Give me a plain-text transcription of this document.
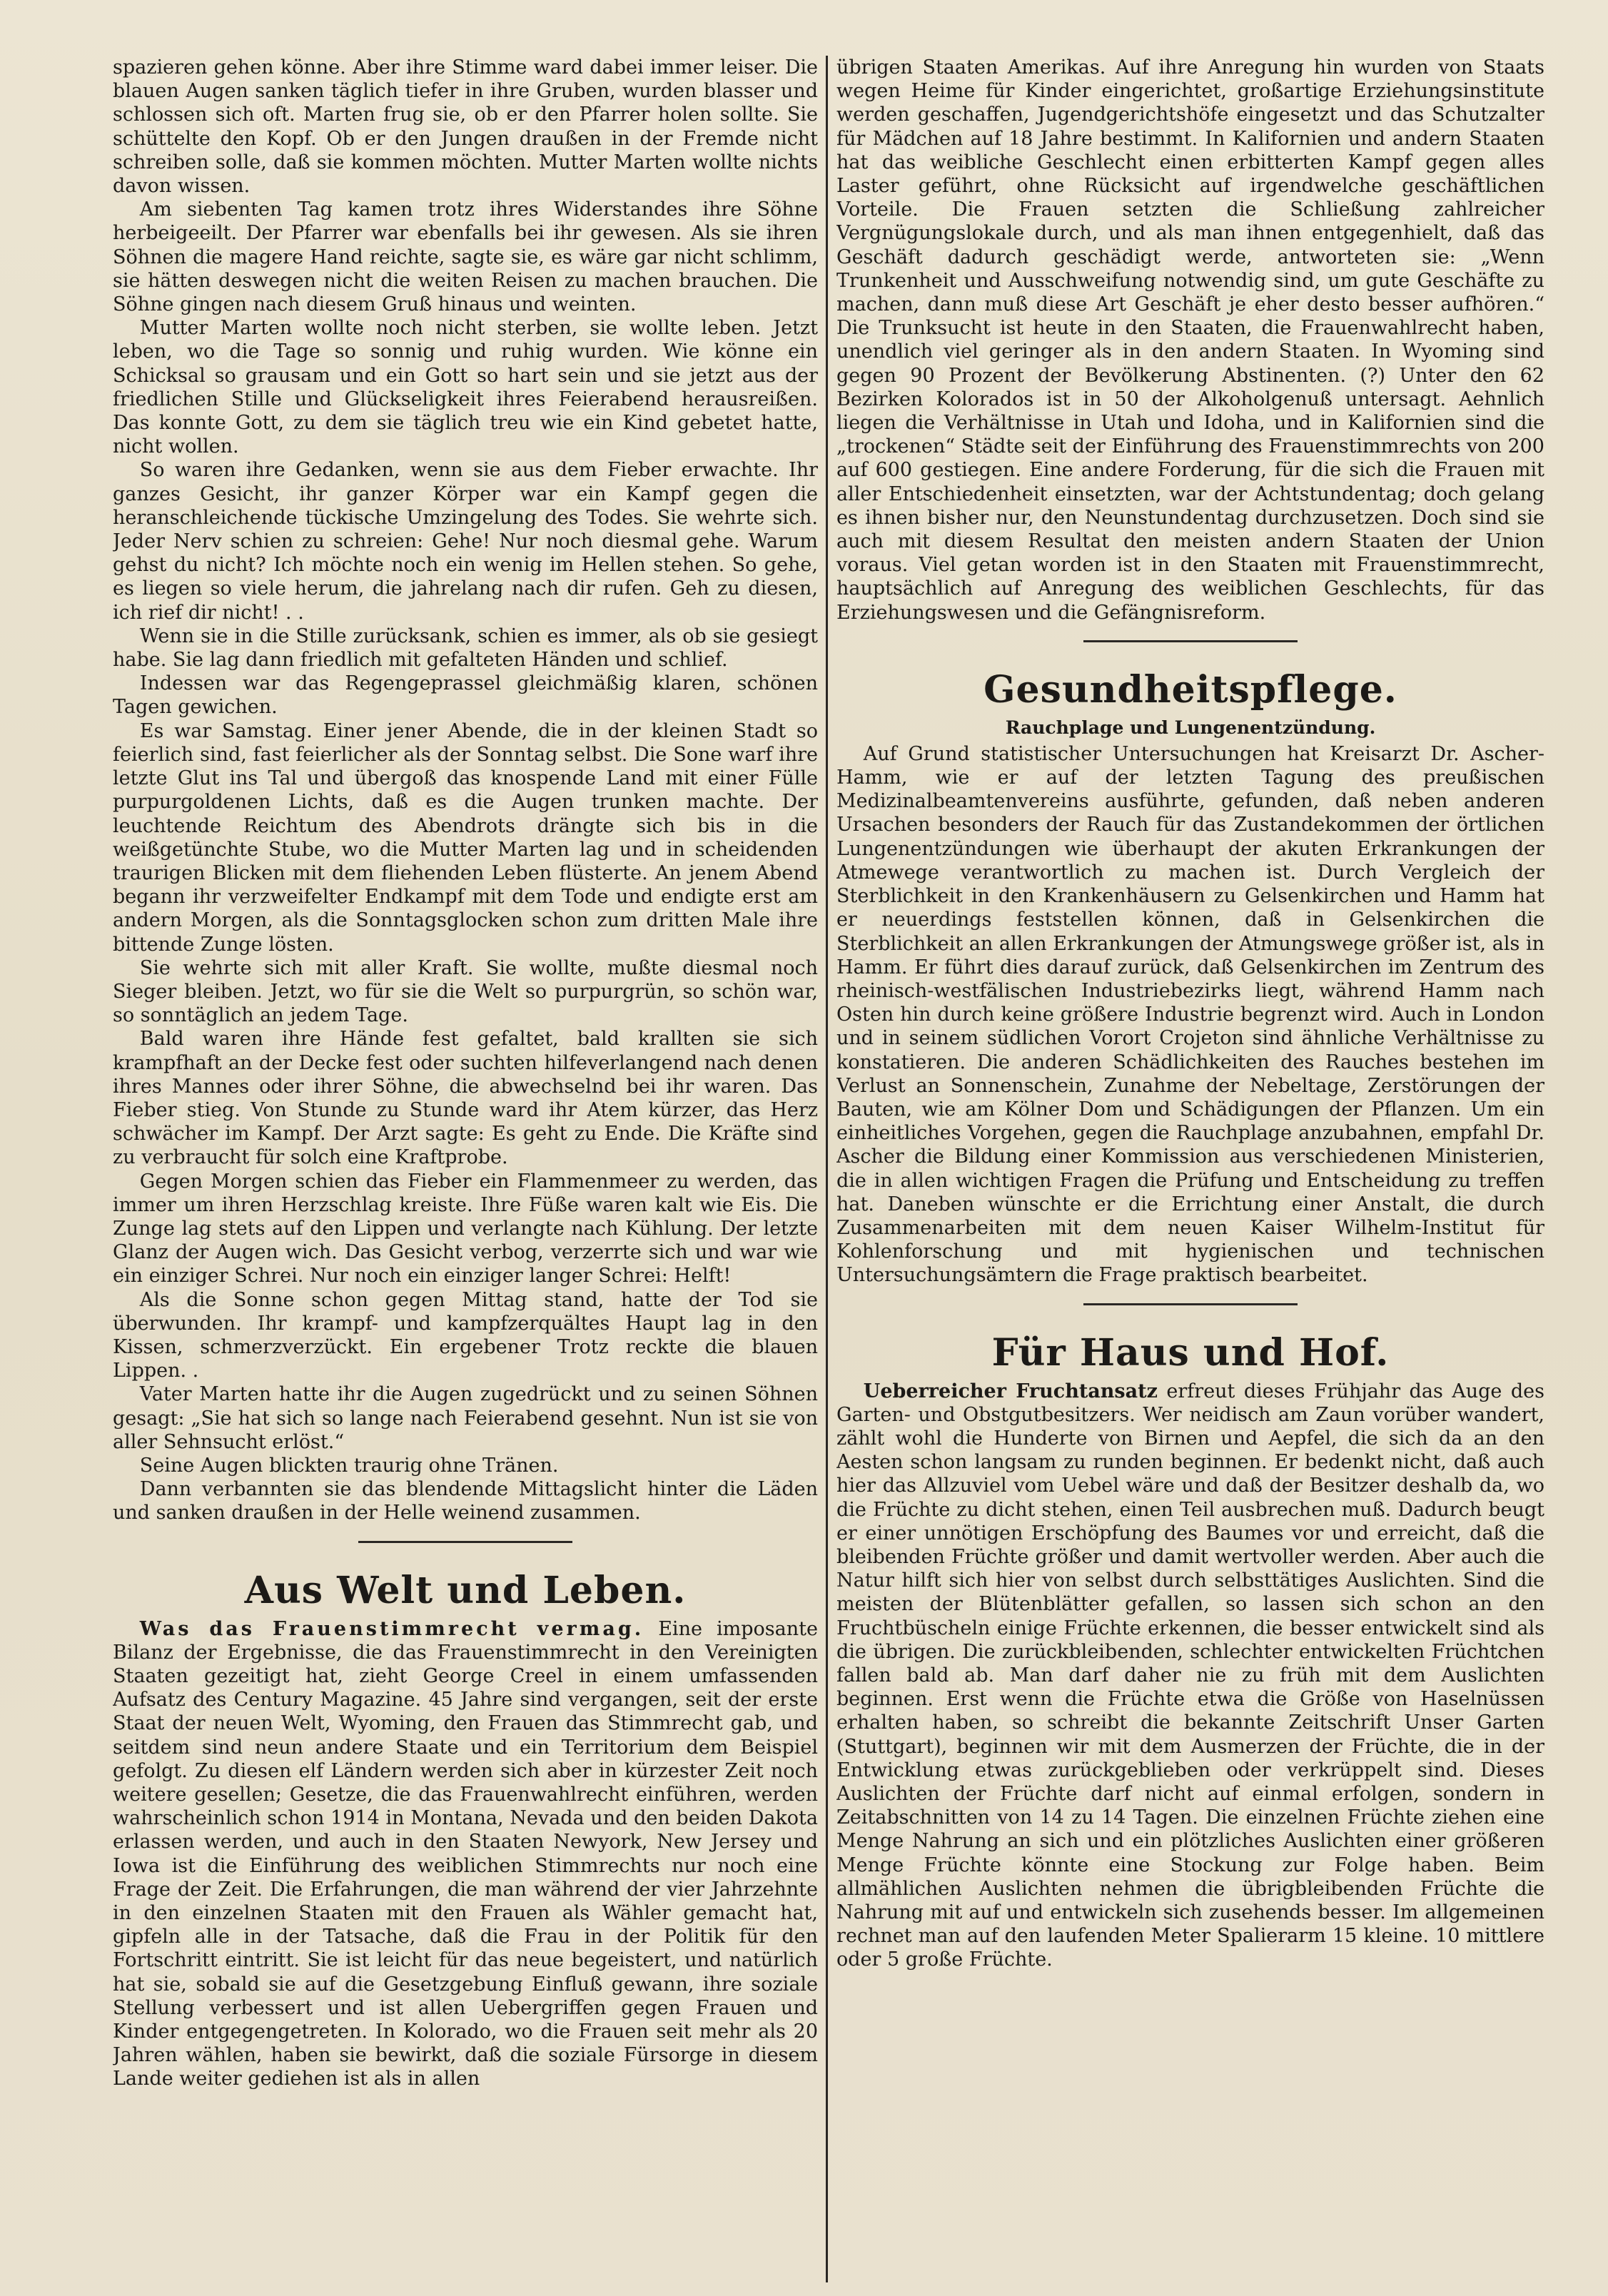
spazieren gehen könne. Aber ihre Stimme ward dabei immer leiser. Die blauen Augen sanken täglich tiefer in ihre Gruben, wurden blasser und schlossen sich oft. Marten frug sie, ob er den Pfarrer holen sollte. Sie schüttelte den Kopf. Ob er den Jungen draußen in der Fremde nicht schreiben solle, daß sie kommen möchten. Mutter Marten wollte nichts davon wissen.

Am siebenten Tag kamen trotz ihres Widerstandes ihre Söhne herbeigeeilt. Der Pfarrer war ebenfalls bei ihr gewesen. Als sie ihren Söhnen die magere Hand reichte, sagte sie, es wäre gar nicht schlimm, sie hätten deswegen nicht die weiten Reisen zu machen brauchen. Die Söhne gingen nach diesem Gruß hinaus und weinten.

Mutter Marten wollte noch nicht sterben, sie wollte leben. Jetzt leben, wo die Tage so sonnig und ruhig wurden. Wie könne ein Schicksal so grausam und ein Gott so hart sein und sie jetzt aus der friedlichen Stille und Glückseligkeit ihres Feierabend herausreißen. Das konnte Gott, zu dem sie täglich treu wie ein Kind gebetet hatte, nicht wollen.

So waren ihre Gedanken, wenn sie aus dem Fieber erwachte. Ihr ganzes Gesicht, ihr ganzer Körper war ein Kampf gegen die heranschleichende tückische Umzingelung des Todes. Sie wehrte sich. Jeder Nerv schien zu schreien: Gehe! Nur noch diesmal gehe. Warum gehst du nicht? Ich möchte noch ein wenig im Hellen stehen. So gehe, es liegen so viele herum, die jahrelang nach dir rufen. Geh zu diesen, ich rief dir nicht! . .

Wenn sie in die Stille zurücksank, schien es immer, als ob sie gesiegt habe. Sie lag dann friedlich mit gefalteten Händen und schlief.

Indessen war das Regengeprassel gleichmäßig klaren, schönen Tagen gewichen.

Es war Samstag. Einer jener Abende, die in der kleinen Stadt so feierlich sind, fast feierlicher als der Sonntag selbst. Die Sone warf ihre letzte Glut ins Tal und übergoß das knospende Land mit einer Fülle purpurgoldenen Lichts, daß es die Augen trunken machte. Der leuchtende Reichtum des Abendrots drängte sich bis in die weißgetünchte Stube, wo die Mutter Marten lag und in scheidenden traurigen Blicken mit dem fliehenden Leben flüsterte. An jenem Abend begann ihr verzweifelter Endkampf mit dem Tode und endigte erst am andern Morgen, als die Sonntagsglocken schon zum dritten Male ihre bittende Zunge lösten.

Sie wehrte sich mit aller Kraft. Sie wollte, mußte diesmal noch Sieger bleiben. Jetzt, wo für sie die Welt so purpurgrün, so schön war, so sonntäglich an jedem Tage.

Bald waren ihre Hände fest gefaltet, bald krallten sie sich krampfhaft an der Decke fest oder suchten hilfeverlangend nach denen ihres Mannes oder ihrer Söhne, die abwechselnd bei ihr waren. Das Fieber stieg. Von Stunde zu Stunde ward ihr Atem kürzer, das Herz schwächer im Kampf. Der Arzt sagte: Es geht zu Ende. Die Kräfte sind zu verbraucht für solch eine Kraftprobe.

Gegen Morgen schien das Fieber ein Flammenmeer zu werden, das immer um ihren Herzschlag kreiste. Ihre Füße waren kalt wie Eis. Die Zunge lag stets auf den Lippen und verlangte nach Kühlung. Der letzte Glanz der Augen wich. Das Gesicht verbog, verzerrte sich und war wie ein einziger Schrei. Nur noch ein einziger langer Schrei: Helft!

Als die Sonne schon gegen Mittag stand, hatte der Tod sie überwunden. Ihr krampf- und kampfzerquältes Haupt lag in den Kissen, schmerzverzückt. Ein ergebener Trotz reckte die blauen Lippen. .

Vater Marten hatte ihr die Augen zugedrückt und zu seinen Söhnen gesagt: „Sie hat sich so lange nach Feierabend gesehnt. Nun ist sie von aller Sehnsucht erlöst.“

Seine Augen blickten traurig ohne Tränen.

Dann verbannten sie das blendende Mittagslicht hinter die Läden und sanken draußen in der Helle weinend zusammen.

Aus Welt und Leben.

Was das Frauenstimmrecht vermag. Eine imposante Bilanz der Ergebnisse, die das Frauenstimmrecht in den Vereinigten Staaten gezeitigt hat, zieht George Creel in einem umfassenden Aufsatz des Century Magazine. 45 Jahre sind vergangen, seit der erste Staat der neuen Welt, Wyoming, den Frauen das Stimmrecht gab, und seitdem sind neun andere Staate und ein Territorium dem Beispiel gefolgt. Zu diesen elf Ländern werden sich aber in kürzester Zeit noch weitere gesellen; Gesetze, die das Frauenwahlrecht einführen, werden wahrscheinlich schon 1914 in Montana, Nevada und den beiden Dakota erlassen werden, und auch in den Staaten Newyork, New Jersey und Iowa ist die Einführung des weiblichen Stimmrechts nur noch eine Frage der Zeit. Die Erfahrungen, die man während der vier Jahrzehnte in den einzelnen Staaten mit den Frauen als Wähler gemacht hat, gipfeln alle in der Tatsache, daß die Frau in der Politik für den Fortschritt eintritt. Sie ist leicht für das neue begeistert, und natürlich hat sie, sobald sie auf die Gesetzgebung Einfluß gewann, ihre soziale Stellung verbessert und ist allen Uebergriffen gegen Frauen und Kinder entgegengetreten. In Kolorado, wo die Frauen seit mehr als 20 Jahren wählen, haben sie bewirkt, daß die soziale Fürsorge in diesem Lande weiter gediehen ist als in allen

übrigen Staaten Amerikas. Auf ihre Anregung hin wurden von Staats wegen Heime für Kinder eingerichtet, großartige Erziehungsinstitute werden geschaffen, Jugendgerichtshöfe eingesetzt und das Schutzalter für Mädchen auf 18 Jahre bestimmt. In Kalifornien und andern Staaten hat das weibliche Geschlecht einen erbitterten Kampf gegen alles Laster geführt, ohne Rücksicht auf irgendwelche geschäftlichen Vorteile. Die Frauen setzten die Schließung zahlreicher Vergnügungslokale durch, und als man ihnen entgegenhielt, daß das Geschäft dadurch geschädigt werde, antworteten sie: „Wenn Trunkenheit und Ausschweifung notwendig sind, um gute Geschäfte zu machen, dann muß diese Art Geschäft je eher desto besser aufhören.“ Die Trunksucht ist heute in den Staaten, die Frauenwahlrecht haben, unendlich viel geringer als in den andern Staaten. In Wyoming sind gegen 90 Prozent der Bevölkerung Abstinenten. (?) Unter den 62 Bezirken Kolorados ist in 50 der Alkoholgenuß untersagt. Aehnlich liegen die Verhältnisse in Utah und Idoha, und in Kalifornien sind die „trockenen“ Städte seit der Einführung des Frauenstimmrechts von 200 auf 600 gestiegen. Eine andere Forderung, für die sich die Frauen mit aller Entschiedenheit einsetzten, war der Achtstundentag; doch gelang es ihnen bisher nur, den Neunstundentag durchzusetzen. Doch sind sie auch mit diesem Resultat den meisten andern Staaten der Union voraus. Viel getan worden ist in den Staaten mit Frauenstimmrecht, hauptsächlich auf Anregung des weiblichen Geschlechts, für das Erziehungswesen und die Gefängnisreform.

Gesundheitspflege.
Rauchplage und Lungenentzündung.

Auf Grund statistischer Untersuchungen hat Kreisarzt Dr. Ascher-Hamm, wie er auf der letzten Tagung des preußischen Medizinalbeamtenvereins ausführte, gefunden, daß neben anderen Ursachen besonders der Rauch für das Zustandekommen der örtlichen Lungenentzündungen wie überhaupt der akuten Erkrankungen der Atmewege verantwortlich zu machen ist. Durch Vergleich der Sterblichkeit in den Krankenhäusern zu Gelsenkirchen und Hamm hat er neuerdings feststellen können, daß in Gelsenkirchen die Sterblichkeit an allen Erkrankungen der Atmungswege größer ist, als in Hamm. Er führt dies darauf zurück, daß Gelsenkirchen im Zentrum des rheinisch-westfälischen Industriebezirks liegt, während Hamm nach Osten hin durch keine größere Industrie begrenzt wird. Auch in London und in seinem südlichen Vorort Crojeton sind ähnliche Verhältnisse zu konstatieren. Die anderen Schädlichkeiten des Rauches bestehen im Verlust an Sonnenschein, Zunahme der Nebeltage, Zerstörungen der Bauten, wie am Kölner Dom und Schädigungen der Pflanzen. Um ein einheitliches Vorgehen, gegen die Rauchplage anzubahnen, empfahl Dr. Ascher die Bildung einer Kommission aus verschiedenen Ministerien, die in allen wichtigen Fragen die Prüfung und Entscheidung zu treffen hat. Daneben wünschte er die Errichtung einer Anstalt, die durch Zusammenarbeiten mit dem neuen Kaiser Wilhelm-Institut für Kohlenforschung und mit hygienischen und technischen Untersuchungsämtern die Frage praktisch bearbeitet.

Für Haus und Hof.

Ueberreicher Fruchtansatz erfreut dieses Frühjahr das Auge des Garten- und Obstgutbesitzers. Wer neidisch am Zaun vorüber wandert, zählt wohl die Hunderte von Birnen und Aepfel, die sich da an den Aesten schon langsam zu runden beginnen. Er bedenkt nicht, daß auch hier das Allzuviel vom Uebel wäre und daß der Besitzer deshalb da, wo die Früchte zu dicht stehen, einen Teil ausbrechen muß. Dadurch beugt er einer unnötigen Erschöpfung des Baumes vor und erreicht, daß die bleibenden Früchte größer und damit wertvoller werden. Aber auch die Natur hilft sich hier von selbst durch selbsttätiges Auslichten. Sind die meisten der Blütenblätter gefallen, so lassen sich schon an den Fruchtbüscheln einige Früchte erkennen, die besser entwickelt sind als die übrigen. Die zurückbleibenden, schlechter entwickelten Früchtchen fallen bald ab. Man darf daher nie zu früh mit dem Auslichten beginnen. Erst wenn die Früchte etwa die Größe von Haselnüssen erhalten haben, so schreibt die bekannte Zeitschrift Unser Garten (Stuttgart), beginnen wir mit dem Ausmerzen der Früchte, die in der Entwicklung etwas zurückgeblieben oder verkrüppelt sind. Dieses Auslichten der Früchte darf nicht auf einmal erfolgen, sondern in Zeitabschnitten von 14 zu 14 Tagen. Die einzelnen Früchte ziehen eine Menge Nahrung an sich und ein plötzliches Auslichten einer größeren Menge Früchte könnte eine Stockung zur Folge haben. Beim allmählichen Auslichten nehmen die übrigbleibenden Früchte die Nahrung mit auf und entwickeln sich zusehends besser. Im allgemeinen rechnet man auf den laufenden Meter Spalierarm 15 kleine. 10 mittlere oder 5 große Früchte.
